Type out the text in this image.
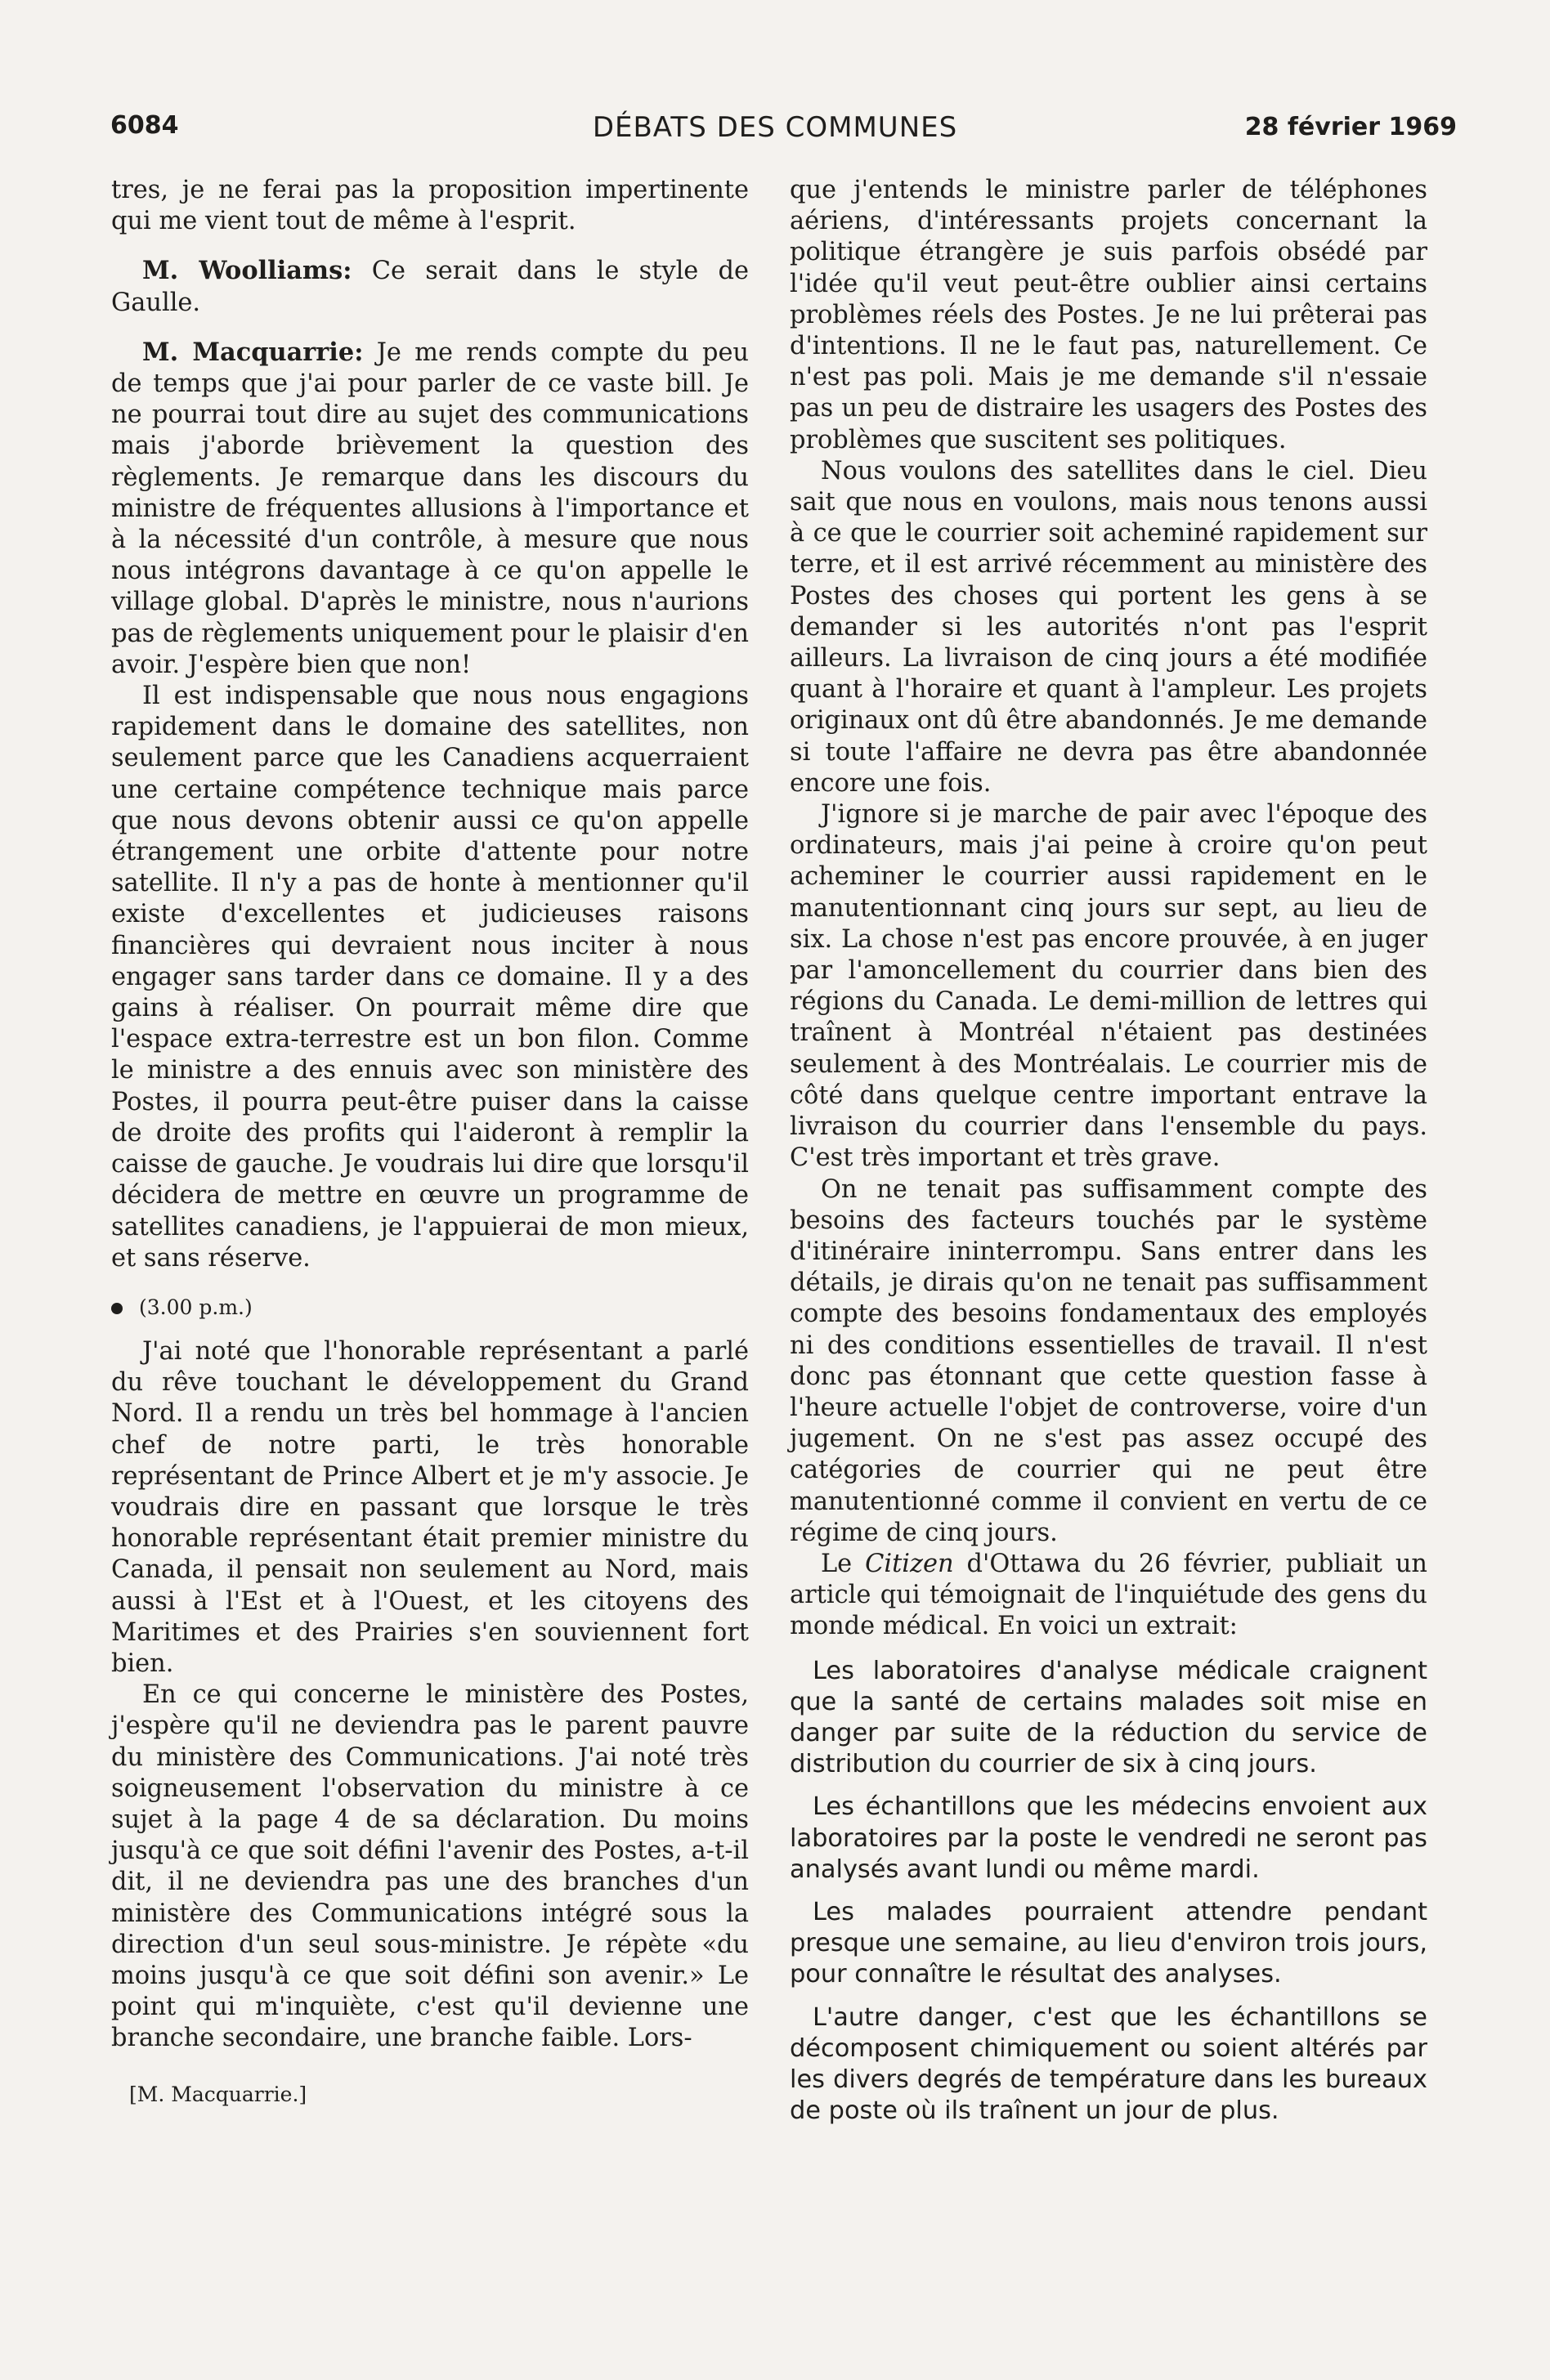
6084	DÉBATS DES COMMUNES	28 février 1969

tres, je ne ferai pas la proposition impertinente qui me vient tout de même à l'esprit.

M. Woolliams: Ce serait dans le style de Gaulle.

M. Macquarrie: Je me rends compte du peu de temps que j'ai pour parler de ce vaste bill. Je ne pourrai tout dire au sujet des communications mais j'aborde brièvement la question des règlements. Je remarque dans les discours du ministre de fréquentes allusions à l'importance et à la nécessité d'un contrôle, à mesure que nous nous intégrons davantage à ce qu'on appelle le village global. D'après le ministre, nous n'aurions pas de règlements uniquement pour le plaisir d'en avoir. J'espère bien que non!

Il est indispensable que nous nous engagions rapidement dans le domaine des satellites, non seulement parce que les Canadiens acquerraient une certaine compétence technique mais parce que nous devons obtenir aussi ce qu'on appelle étrangement une orbite d'attente pour notre satellite. Il n'y a pas de honte à mentionner qu'il existe d'excellentes et judicieuses raisons financières qui devraient nous inciter à nous engager sans tarder dans ce domaine. Il y a des gains à réaliser. On pourrait même dire que l'espace extra-terrestre est un bon filon. Comme le ministre a des ennuis avec son ministère des Postes, il pourra peut-être puiser dans la caisse de droite des profits qui l'aideront à remplir la caisse de gauche. Je voudrais lui dire que lorsqu'il décidera de mettre en œuvre un programme de satellites canadiens, je l'appuierai de mon mieux, et sans réserve.

(3.00 p.m.)

J'ai noté que l'honorable représentant a parlé du rêve touchant le développement du Grand Nord. Il a rendu un très bel hommage à l'ancien chef de notre parti, le très honorable représentant de Prince Albert et je m'y associe. Je voudrais dire en passant que lorsque le très honorable représentant était premier ministre du Canada, il pensait non seulement au Nord, mais aussi à l'Est et à l'Ouest, et les citoyens des Maritimes et des Prairies s'en souviennent fort bien.

En ce qui concerne le ministère des Postes, j'espère qu'il ne deviendra pas le parent pauvre du ministère des Communications. J'ai noté très soigneusement l'observation du ministre à ce sujet à la page 4 de sa déclaration. Du moins jusqu'à ce que soit défini l'avenir des Postes, a-t-il dit, il ne deviendra pas une des branches d'un ministère des Communications intégré sous la direction d'un seul sous-ministre. Je répète «du moins jusqu'à ce que soit défini son avenir.» Le point qui m'inquiète, c'est qu'il devienne une branche secondaire, une branche faible. Lors-

[M. Macquarrie.]

que j'entends le ministre parler de téléphones aériens, d'intéressants projets concernant la politique étrangère je suis parfois obsédé par l'idée qu'il veut peut-être oublier ainsi certains problèmes réels des Postes. Je ne lui prêterai pas d'intentions. Il ne le faut pas, naturellement. Ce n'est pas poli. Mais je me demande s'il n'essaie pas un peu de distraire les usagers des Postes des problèmes que suscitent ses politiques.

Nous voulons des satellites dans le ciel. Dieu sait que nous en voulons, mais nous tenons aussi à ce que le courrier soit acheminé rapidement sur terre, et il est arrivé récemment au ministère des Postes des choses qui portent les gens à se demander si les autorités n'ont pas l'esprit ailleurs. La livraison de cinq jours a été modifiée quant à l'horaire et quant à l'ampleur. Les projets originaux ont dû être abandonnés. Je me demande si toute l'affaire ne devra pas être abandonnée encore une fois.

J'ignore si je marche de pair avec l'époque des ordinateurs, mais j'ai peine à croire qu'on peut acheminer le courrier aussi rapidement en le manutentionnant cinq jours sur sept, au lieu de six. La chose n'est pas encore prouvée, à en juger par l'amoncellement du courrier dans bien des régions du Canada. Le demi-million de lettres qui traînent à Montréal n'étaient pas destinées seulement à des Montréalais. Le courrier mis de côté dans quelque centre important entrave la livraison du courrier dans l'ensemble du pays. C'est très important et très grave.

On ne tenait pas suffisamment compte des besoins des facteurs touchés par le système d'itinéraire ininterrompu. Sans entrer dans les détails, je dirais qu'on ne tenait pas suffisamment compte des besoins fondamentaux des employés ni des conditions essentielles de travail. Il n'est donc pas étonnant que cette question fasse à l'heure actuelle l'objet de controverse, voire d'un jugement. On ne s'est pas assez occupé des catégories de courrier qui ne peut être manutentionné comme il convient en vertu de ce régime de cinq jours.

Le Citizen d'Ottawa du 26 février, publiait un article qui témoignait de l'inquiétude des gens du monde médical. En voici un extrait:

Les laboratoires d'analyse médicale craignent que la santé de certains malades soit mise en danger par suite de la réduction du service de distribution du courrier de six à cinq jours.

Les échantillons que les médecins envoient aux laboratoires par la poste le vendredi ne seront pas analysés avant lundi ou même mardi.

Les malades pourraient attendre pendant presque une semaine, au lieu d'environ trois jours, pour connaître le résultat des analyses.

L'autre danger, c'est que les échantillons se décomposent chimiquement ou soient altérés par les divers degrés de température dans les bureaux de poste où ils traînent un jour de plus.
